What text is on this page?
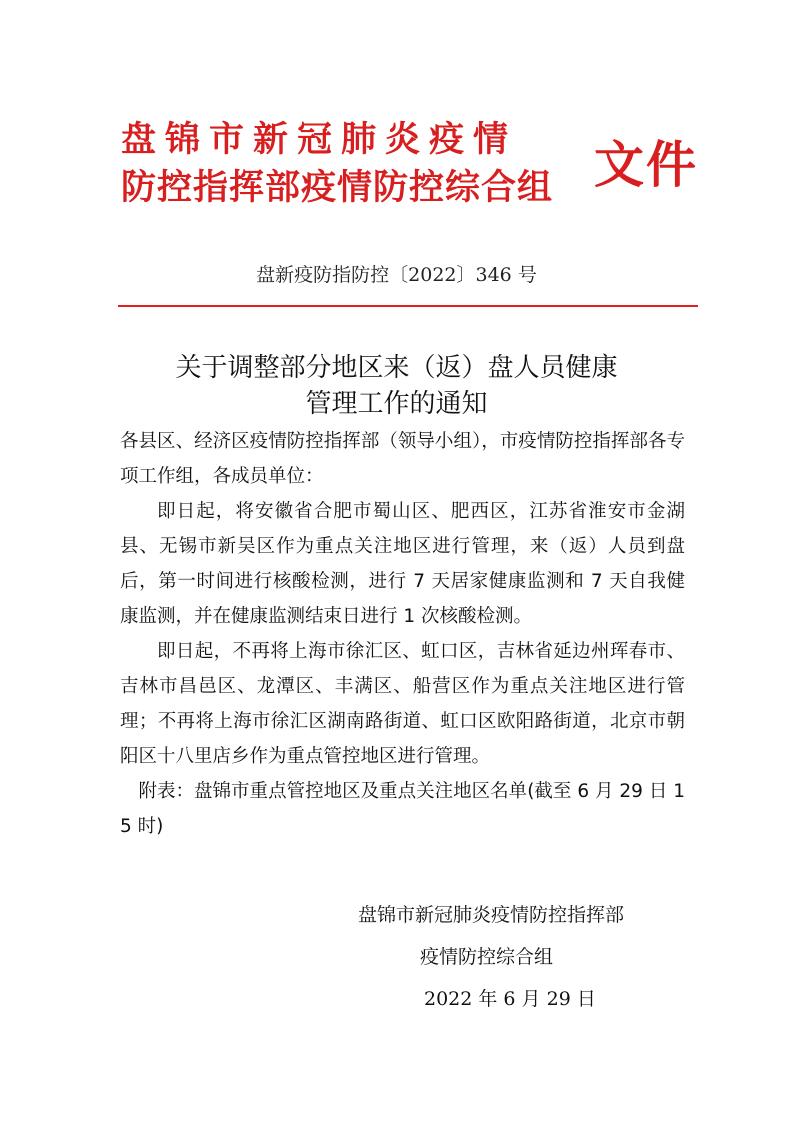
盘锦市新冠肺炎疫情
防控指挥部疫情防控综合组 文件
盘新疫防指防控〔2022〕346 号
关于调整部分地区来（返）盘人员健康
管理工作的通知

各县区、经济区疫情防控指挥部（领导小组），市疫情防控指挥部各专项工作组，各成员单位：

即日起，将安徽省合肥市蜀山区、肥西区，江苏省淮安市金湖县、无锡市新吴区作为重点关注地区进行管理，来（返）人员到盘后，第一时间进行核酸检测，进行 7 天居家健康监测和 7 天自我健康监测，并在健康监测结束日进行 1 次核酸检测。

即日起，不再将上海市徐汇区、虹口区，吉林省延边州珲春市、吉林市昌邑区、龙潭区、丰满区、船营区作为重点关注地区进行管理；不再将上海市徐汇区湖南路街道、虹口区欧阳路街道，北京市朝阳区十八里店乡作为重点管控地区进行管理。

附表：盘锦市重点管控地区及重点关注地区名单(截至 6 月 29 日 15 时)

盘锦市新冠肺炎疫情防控指挥部
疫情防控综合组
2022 年 6 月 29 日
